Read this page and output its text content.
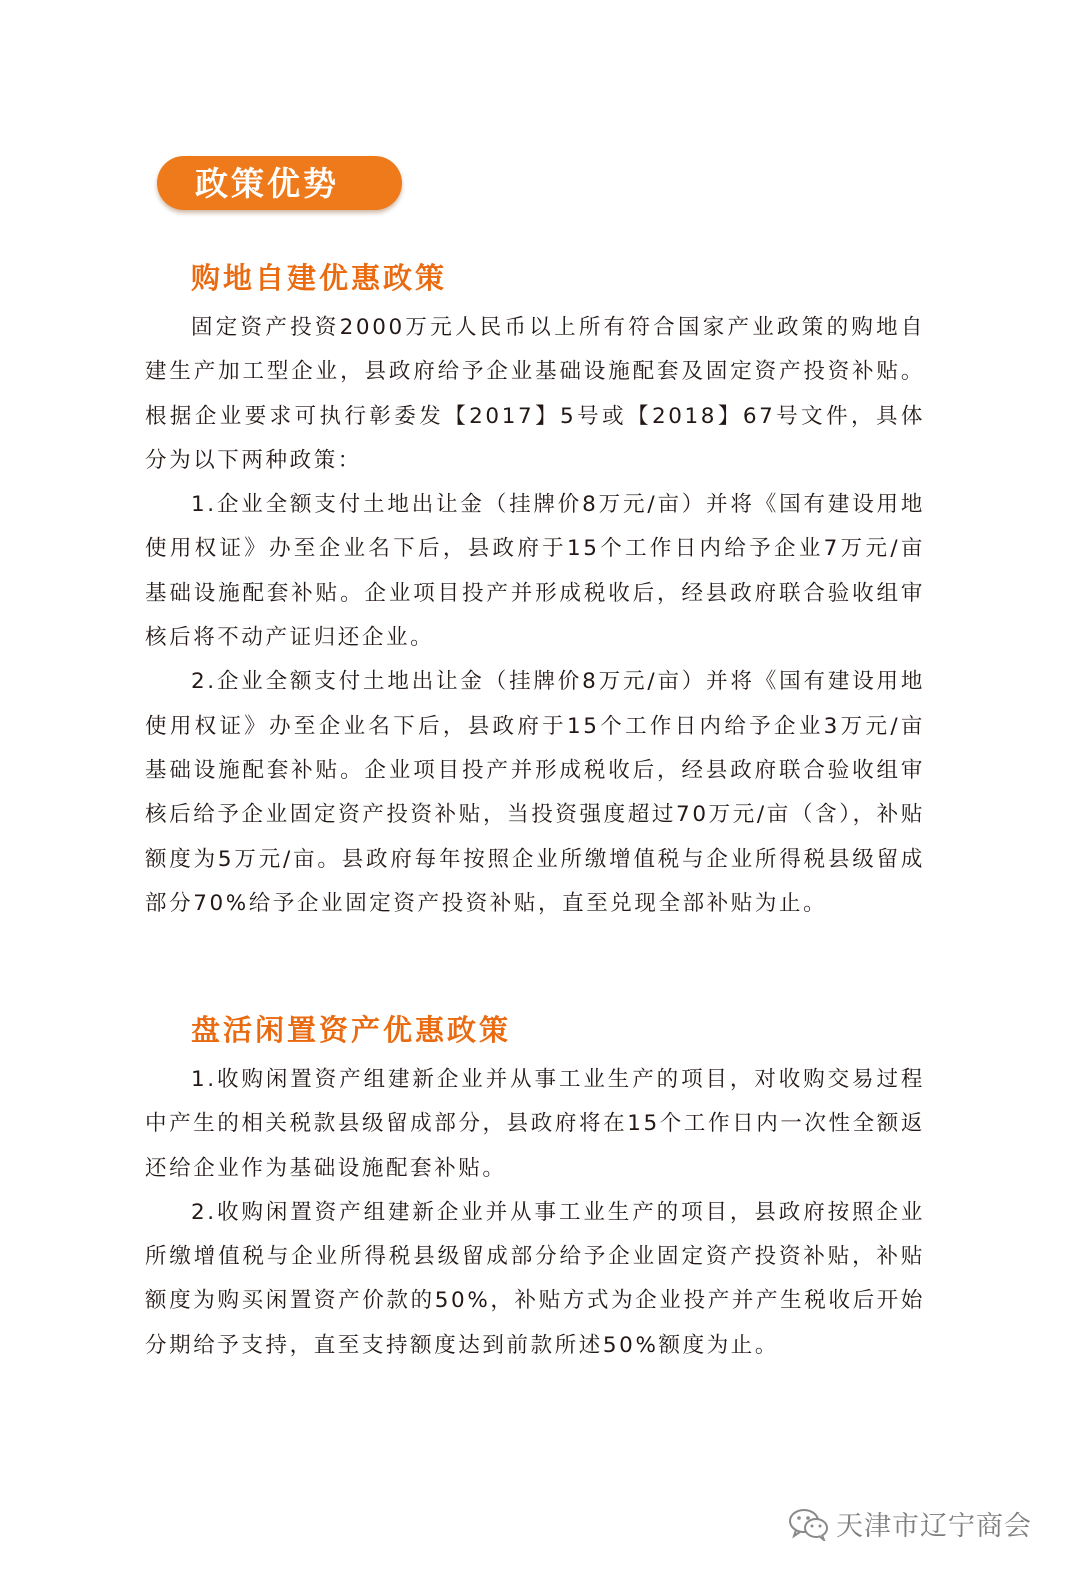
政策优势
购地自建优惠政策

固定资产投资2000万元人民币以上所有符合国家产业政策的购地自建生产加工型企业，县政府给予企业基础设施配套及固定资产投资补贴。根据企业要求可执行彰委发【2017】5号或【2018】67号文件，具体分为以下两种政策：

1.企业全额支付土地出让金（挂牌价8万元/亩）并将《国有建设用地使用权证》办至企业名下后，县政府于15个工作日内给予企业7万元/亩基础设施配套补贴。企业项目投产并形成税收后，经县政府联合验收组审核后将不动产证归还企业。

2.企业全额支付土地出让金（挂牌价8万元/亩）并将《国有建设用地使用权证》办至企业名下后，县政府于15个工作日内给予企业3万元/亩基础设施配套补贴。企业项目投产并形成税收后，经县政府联合验收组审核后给予企业固定资产投资补贴，当投资强度超过70万元/亩（含），补贴额度为5万元/亩。县政府每年按照企业所缴增值税与企业所得税县级留成部分70%给予企业固定资产投资补贴，直至兑现全部补贴为止。

盘活闲置资产优惠政策

1.收购闲置资产组建新企业并从事工业生产的项目，对收购交易过程中产生的相关税款县级留成部分，县政府将在15个工作日内一次性全额返还给企业作为基础设施配套补贴。

2.收购闲置资产组建新企业并从事工业生产的项目，县政府按照企业所缴增值税与企业所得税县级留成部分给予企业固定资产投资补贴，补贴额度为购买闲置资产价款的50%，补贴方式为企业投产并产生税收后开始分期给予支持，直至支持额度达到前款所述50%额度为止。

天津市辽宁商会
